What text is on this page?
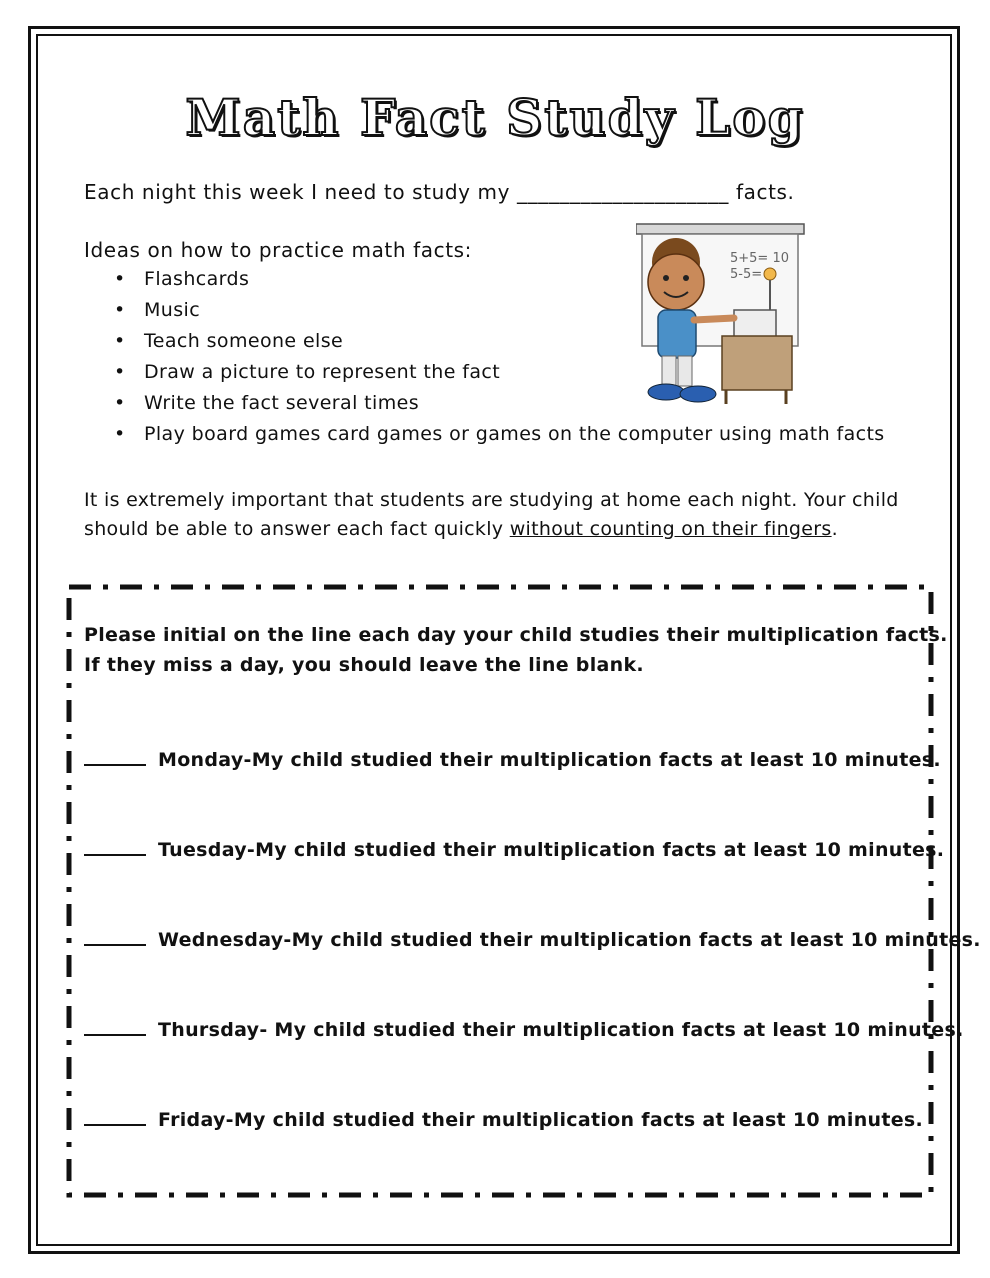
Math Fact Study Log
Each night this week I need to study my ____________________ facts.
Ideas on how to practice math facts:
• Flashcards
• Music
• Teach someone else
• Draw a picture to represent the fact
• Write the fact several times
• Play board games card games or games on the computer using math facts
5+5= 10
5-5=
It is extremely important that students are studying at home each night. Your child
should be able to answer each fact quickly without counting on their fingers.
Please initial on the line each day your child studies their multiplication facts.
If they miss a day, you should leave the line blank.
Monday-My child studied their multiplication facts at least 10 minutes.
Tuesday-My child studied their multiplication facts at least 10 minutes.
Wednesday-My child studied their multiplication facts at least 10 minutes.
Thursday- My child studied their multiplication facts at least 10 minutes.
Friday-My child studied their multiplication facts at least 10 minutes.
